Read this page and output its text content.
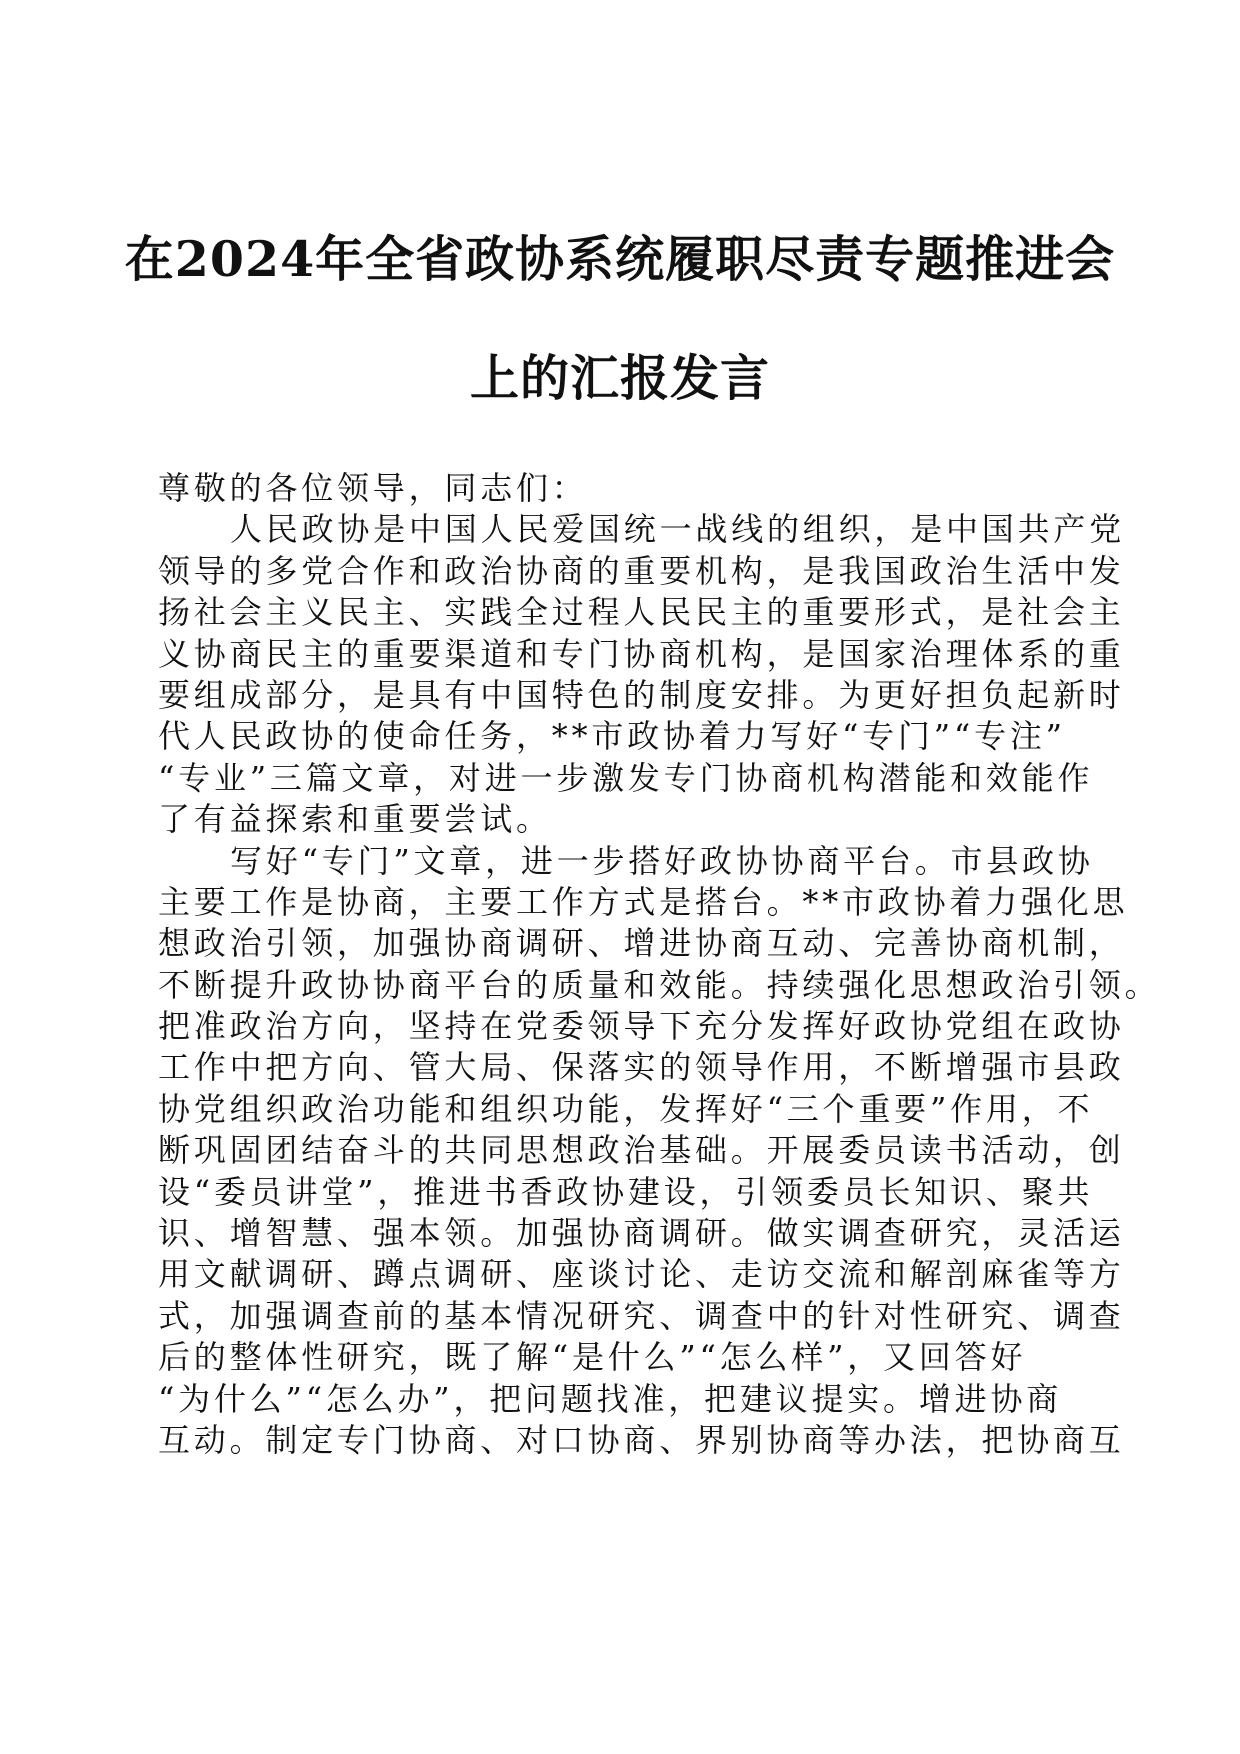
在2024年全省政协系统履职尽责专题推进会
上的汇报发言
尊敬的各位领导，同志们：
人民政协是中国人民爱国统一战线的组织，是中国共产党
领导的多党合作和政治协商的重要机构，是我国政治生活中发
扬社会主义民主、实践全过程人民民主的重要形式，是社会主
义协商民主的重要渠道和专门协商机构，是国家治理体系的重
要组成部分，是具有中国特色的制度安排。为更好担负起新时
代人民政协的使命任务，**市政协着力写好“专门”“专注”
“专业”三篇文章，对进一步激发专门协商机构潜能和效能作
了有益探索和重要尝试。
写好“专门”文章，进一步搭好政协协商平台。市县政协
主要工作是协商，主要工作方式是搭台。**市政协着力强化思
想政治引领，加强协商调研、增进协商互动、完善协商机制，
不断提升政协协商平台的质量和效能。持续强化思想政治引领。
把准政治方向，坚持在党委领导下充分发挥好政协党组在政协
工作中把方向、管大局、保落实的领导作用，不断增强市县政
协党组织政治功能和组织功能，发挥好“三个重要”作用，不
断巩固团结奋斗的共同思想政治基础。开展委员读书活动，创
设“委员讲堂”，推进书香政协建设，引领委员长知识、聚共
识、增智慧、强本领。加强协商调研。做实调查研究，灵活运
用文献调研、蹲点调研、座谈讨论、走访交流和解剖麻雀等方
式，加强调查前的基本情况研究、调查中的针对性研究、调查
后的整体性研究，既了解“是什么”“怎么样”，又回答好
“为什么”“怎么办”，把问题找准，把建议提实。增进协商
互动。制定专门协商、对口协商、界别协商等办法，把协商互
